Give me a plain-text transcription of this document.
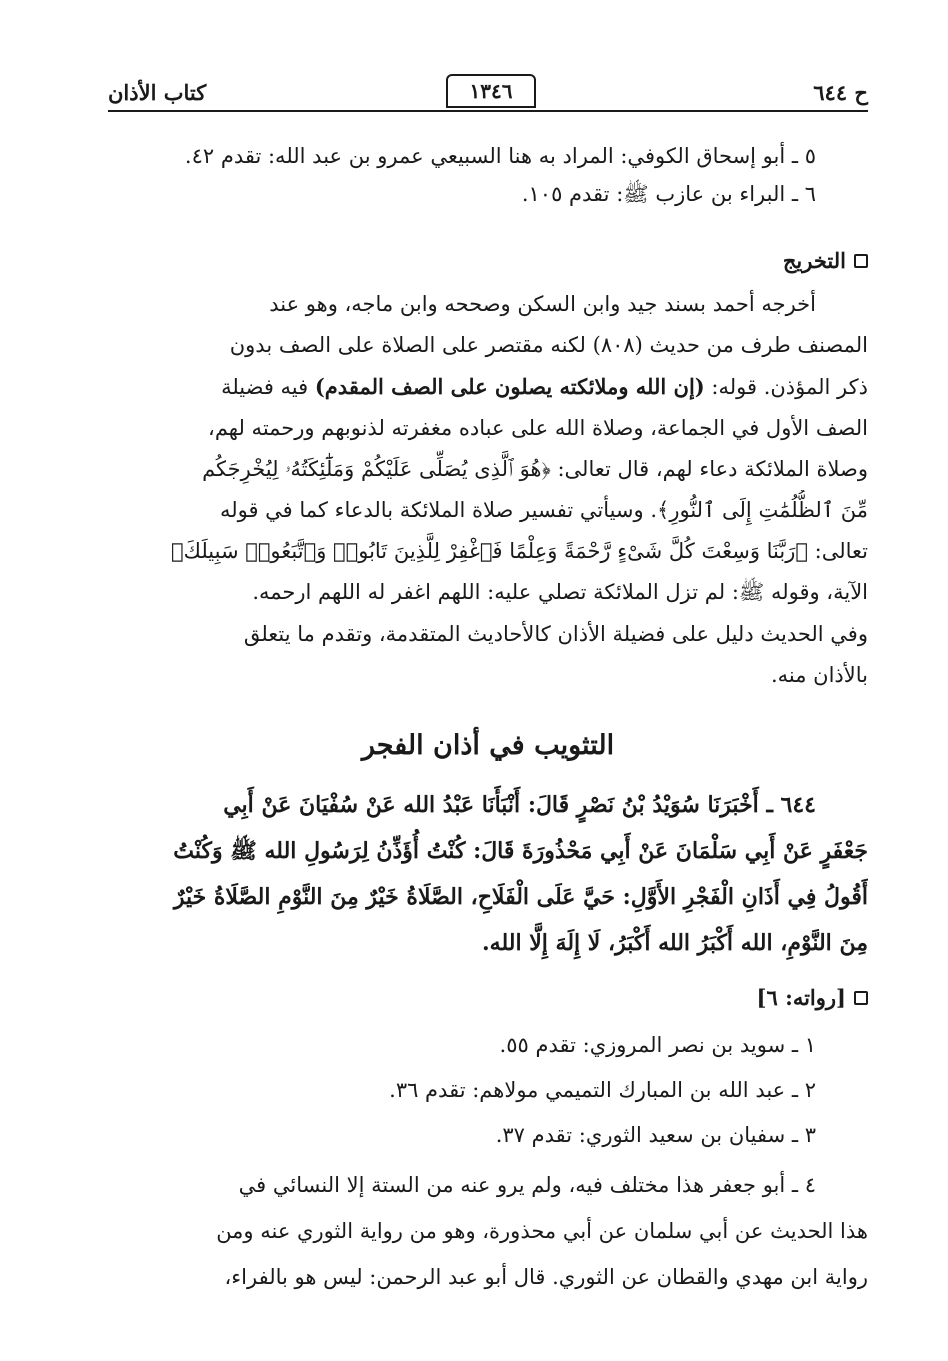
ح ٦٤٤
١٣٤٦
كتاب الأذان
٥ ـ أبو إسحاق الكوفي: المراد به هنا السبيعي عمرو بن عبد الله: تقدم ٤٢.
٦ ـ البراء بن عازب ﷺ: تقدم ١٠٥.
التخريج
أخرجه أحمد بسند جيد وابن السكن وصححه وابن ماجه، وهو عند
المصنف طرف من حديث (٨٠٨) لكنه مقتصر على الصلاة على الصف بدون
ذكر المؤذن. قوله: (إن الله وملائكته يصلون على الصف المقدم) فيه فضيلة
الصف الأول في الجماعة، وصلاة الله على عباده مغفرته لذنوبهم ورحمته لهم،
وصلاة الملائكة دعاء لهم، قال تعالى: ﴿هُوَ ٱلَّذِى يُصَلِّى عَلَيْكُمْ وَمَلَٰٓئِكَتُهُۥ لِيُخْرِجَكُم
مِّنَ ٱلظُّلُمَٰتِ إِلَى ٱلنُّورِ﴾. وسيأتي تفسير صلاة الملائكة بالدعاء كما في قوله
تعالى: ﴿رَبَّنَا وَسِعْتَ كُلَّ شَىْءٍ رَّحْمَةً وَعِلْمًا فَٱغْفِرْ لِلَّذِينَ تَابُوا۟ وَٱتَّبَعُوا۟ سَبِيلَكَ﴾
الآية، وقوله ﷺ: لم تزل الملائكة تصلي عليه: اللهم اغفر له اللهم ارحمه.
وفي الحديث دليل على فضيلة الأذان كالأحاديث المتقدمة، وتقدم ما يتعلق
بالأذان منه.
التثويب في أذان الفجر
٦٤٤ ـ أَخْبَرَنَا سُوَيْدُ بْنُ نَصْرٍ قَالَ: أَنْبَأَنَا عَبْدُ الله عَنْ سُفْيَانَ عَنْ أَبِي
جَعْفَرٍ عَنْ أَبِي سَلْمَانَ عَنْ أَبِي مَحْذُورَةَ قَالَ: كُنْتُ أُؤَذِّنُ لِرَسُولِ الله ﷺ وَكُنْتُ
أَقُولُ فِي أَذَانِ الْفَجْرِ الأَوَّلِ: حَيَّ عَلَى الْفَلَاحِ، الصَّلَاةُ خَيْرٌ مِنَ النَّوْمِ الصَّلَاةُ خَيْرٌ
مِنَ النَّوْمِ، الله أَكْبَرُ الله أَكْبَرُ، لَا إِلَهَ إِلَّا الله.
[رواته: ٦]
١ ـ سويد بن نصر المروزي: تقدم ٥٥.
٢ ـ عبد الله بن المبارك التميمي مولاهم: تقدم ٣٦.
٣ ـ سفيان بن سعيد الثوري: تقدم ٣٧.
٤ ـ أبو جعفر هذا مختلف فيه، ولم يرو عنه من الستة إلا النسائي في
هذا الحديث عن أبي سلمان عن أبي محذورة، وهو من رواية الثوري عنه ومن
رواية ابن مهدي والقطان عن الثوري. قال أبو عبد الرحمن: ليس هو بالفراء،
